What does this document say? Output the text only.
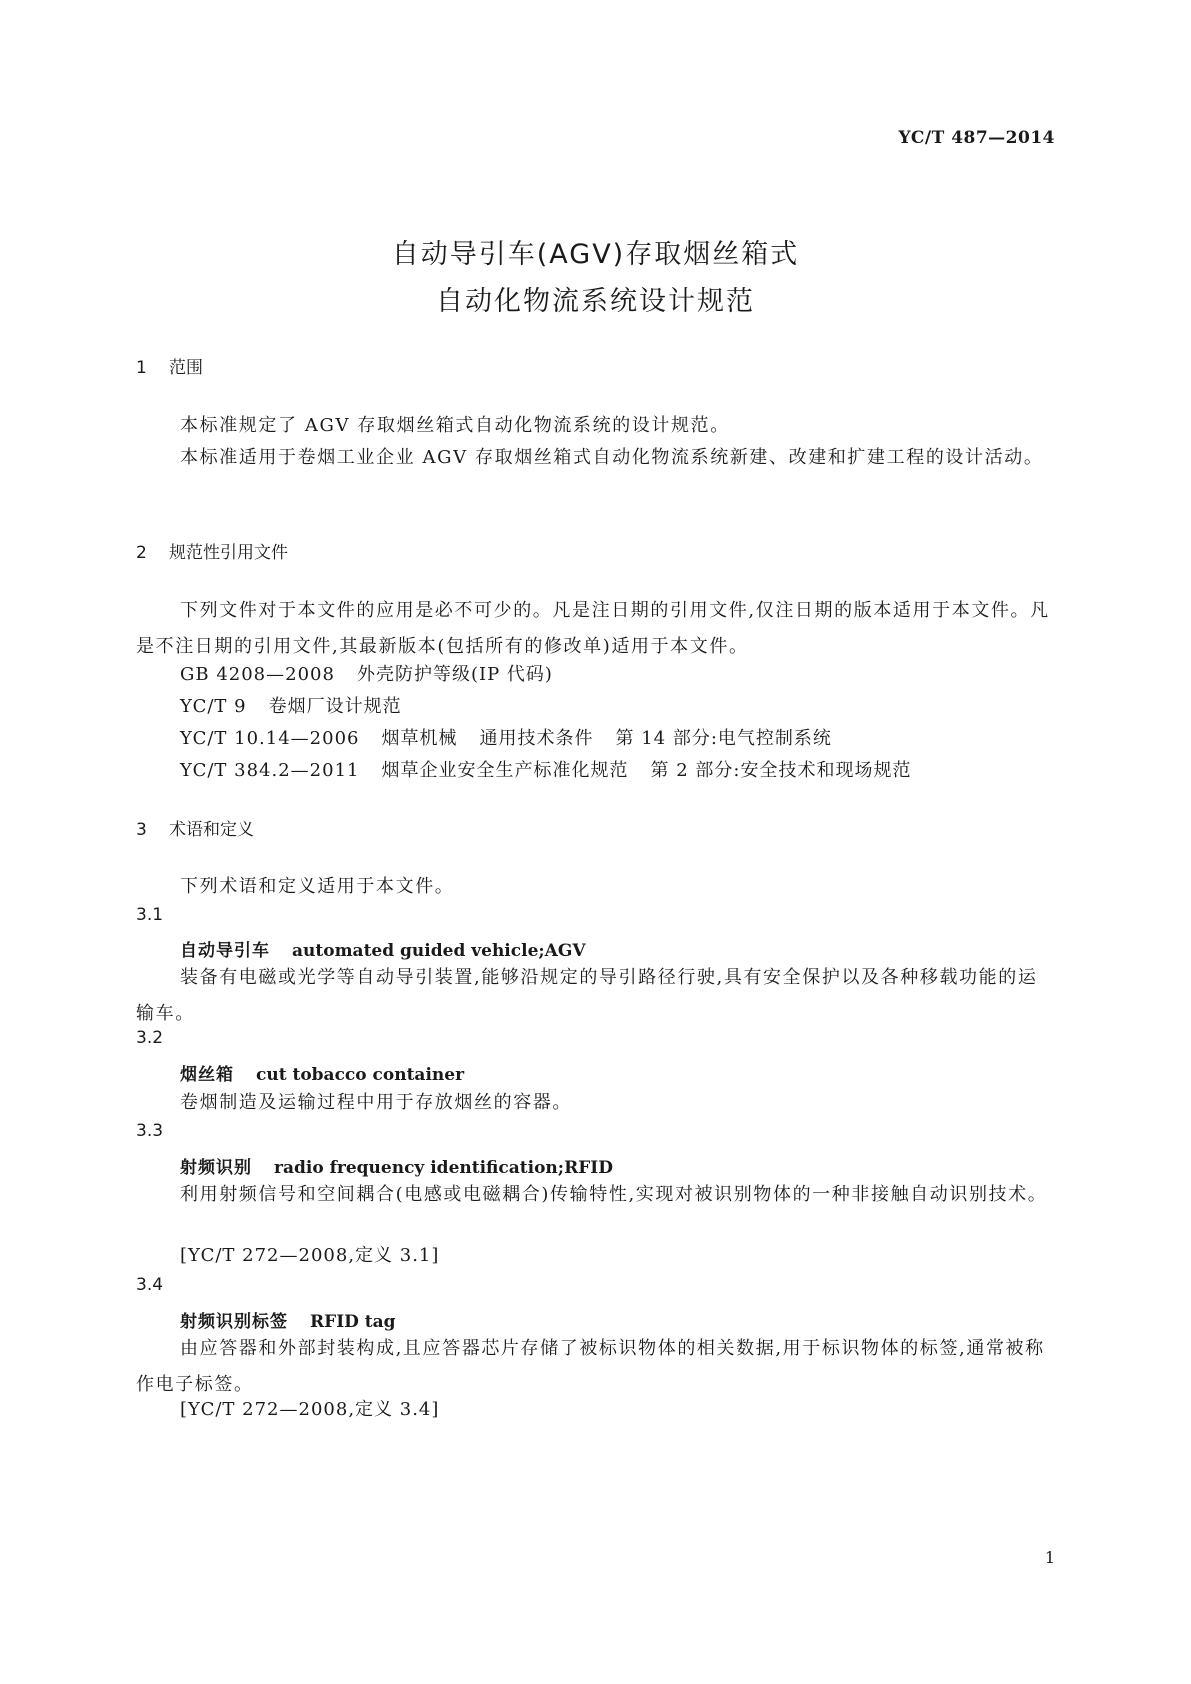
YC/T 487—2014
自动导引车(AGV)存取烟丝箱式
自动化物流系统设计规范
1 范围
本标准规定了 AGV 存取烟丝箱式自动化物流系统的设计规范。
本标准适用于卷烟工业企业 AGV 存取烟丝箱式自动化物流系统新建、改建和扩建工程的设计活动。
2 规范性引用文件
下列文件对于本文件的应用是必不可少的。凡是注日期的引用文件,仅注日期的版本适用于本文件。凡是不注日期的引用文件,其最新版本(包括所有的修改单)适用于本文件。
GB 4208—2008 外壳防护等级(IP 代码)
YC/T 9 卷烟厂设计规范
YC/T 10.14—2006 烟草机械 通用技术条件 第 14 部分:电气控制系统
YC/T 384.2—2011 烟草企业安全生产标准化规范 第 2 部分:安全技术和现场规范
3 术语和定义
下列术语和定义适用于本文件。
3.1
自动导引车 automated guided vehicle;AGV
装备有电磁或光学等自动导引装置,能够沿规定的导引路径行驶,具有安全保护以及各种移载功能的运输车。
3.2
烟丝箱 cut tobacco container
卷烟制造及运输过程中用于存放烟丝的容器。
3.3
射频识别 radio frequency identification;RFID
利用射频信号和空间耦合(电感或电磁耦合)传输特性,实现对被识别物体的一种非接触自动识别技术。
[YC/T 272—2008,定义 3.1]
3.4
射频识别标签 RFID tag
由应答器和外部封装构成,且应答器芯片存储了被标识物体的相关数据,用于标识物体的标签,通常被称作电子标签。
[YC/T 272—2008,定义 3.4]
1
